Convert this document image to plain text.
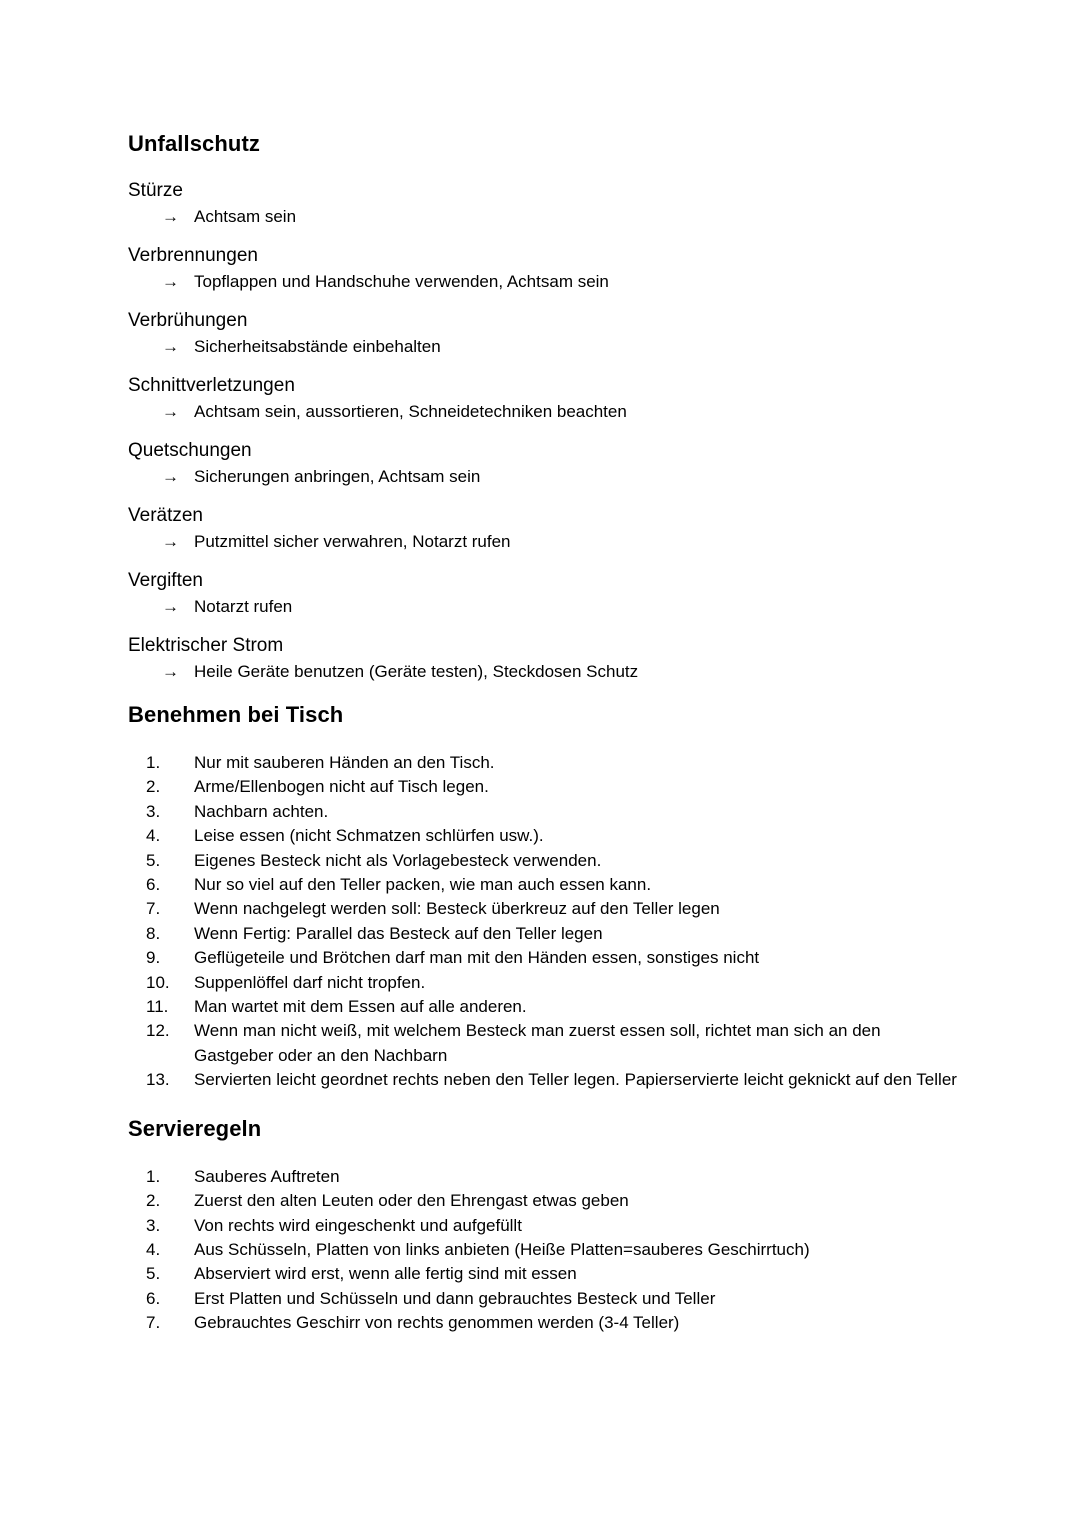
Unfallschutz

Stürze

→ Achtsam sein

Verbrennungen

→ Topflappen und Handschuhe verwenden, Achtsam sein

Verbrühungen

→ Sicherheitsabstände einbehalten

Schnittverletzungen

→ Achtsam sein, aussortieren, Schneidetechniken beachten

Quetschungen

→ Sicherungen anbringen, Achtsam sein

Verätzen

→ Putzmittel sicher verwahren, Notarzt rufen

Vergiften

→ Notarzt rufen

Elektrischer Strom

→ Heile Geräte benutzen (Geräte testen), Steckdosen Schutz

Benehmen bei Tisch
1.	Nur mit sauberen Händen an den Tisch.
2.	Arme/Ellenbogen nicht auf Tisch legen.
3.	Nachbarn achten.
4.	Leise essen (nicht Schmatzen schlürfen usw.).
5.	Eigenes Besteck nicht als Vorlagebesteck verwenden.
6.	Nur so viel auf den Teller packen, wie man auch essen kann.
7.	Wenn nachgelegt werden soll: Besteck überkreuz auf den Teller legen
8.	Wenn Fertig: Parallel das Besteck auf den Teller legen
9.	Geflügeteile und Brötchen darf man mit den Händen essen, sonstiges nicht
10.	Suppenlöffel darf nicht tropfen.
11.	Man wartet mit dem Essen auf alle anderen.
12.	Wenn man nicht weiß, mit welchem Besteck man zuerst essen soll, richtet man sich an den Gastgeber oder an den Nachbarn
13.	Servierten leicht geordnet rechts neben den Teller legen. Papierservierte leicht geknickt auf den Teller
Servieregeln
1.	Sauberes Auftreten
2.	Zuerst den alten Leuten oder den Ehrengast etwas geben
3.	Von rechts wird eingeschenkt und aufgefüllt
4.	Aus Schüsseln, Platten von links anbieten (Heiße Platten=sauberes Geschirrtuch)
5.	Abserviert wird erst, wenn alle fertig sind mit essen
6.	Erst Platten und Schüsseln und dann gebrauchtes Besteck und Teller
7.	Gebrauchtes Geschirr von rechts genommen werden (3-4 Teller)
